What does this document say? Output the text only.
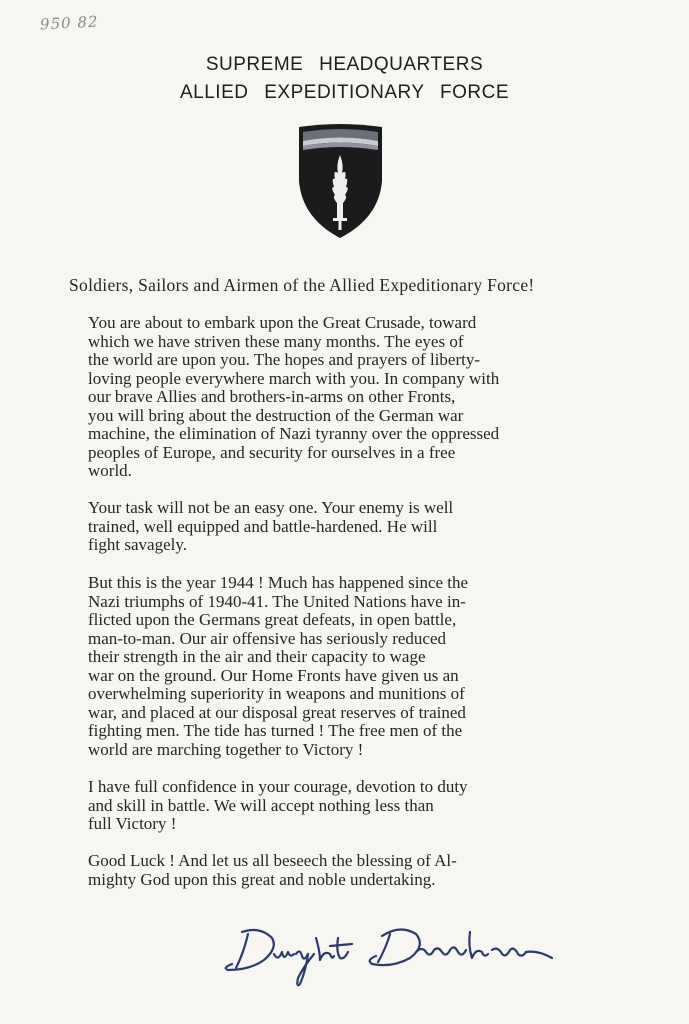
950 82
SUPREME HEADQUARTERS
ALLIED EXPEDITIONARY FORCE
Soldiers, Sailors and Airmen of the Allied Expeditionary Force!
You are about to embark upon the Great Crusade, toward
which we have striven these many months. The eyes of
the world are upon you. The hopes and prayers of liberty-
loving people everywhere march with you. In company with
our brave Allies and brothers-in-arms on other Fronts,
you will bring about the destruction of the German war
machine, the elimination of Nazi tyranny over the oppressed
peoples of Europe, and security for ourselves in a free
world.
Your task will not be an easy one. Your enemy is well
trained, well equipped and battle-hardened. He will
fight savagely.
But this is the year 1944 ! Much has happened since the
Nazi triumphs of 1940-41. The United Nations have in-
flicted upon the Germans great defeats, in open battle,
man-to-man. Our air offensive has seriously reduced
their strength in the air and their capacity to wage
war on the ground. Our Home Fronts have given us an
overwhelming superiority in weapons and munitions of
war, and placed at our disposal great reserves of trained
fighting men. The tide has turned ! The free men of the
world are marching together to Victory !
I have full confidence in your courage, devotion to duty
and skill in battle. We will accept nothing less than
full Victory !
Good Luck ! And let us all beseech the blessing of Al-
mighty God upon this great and noble undertaking.
